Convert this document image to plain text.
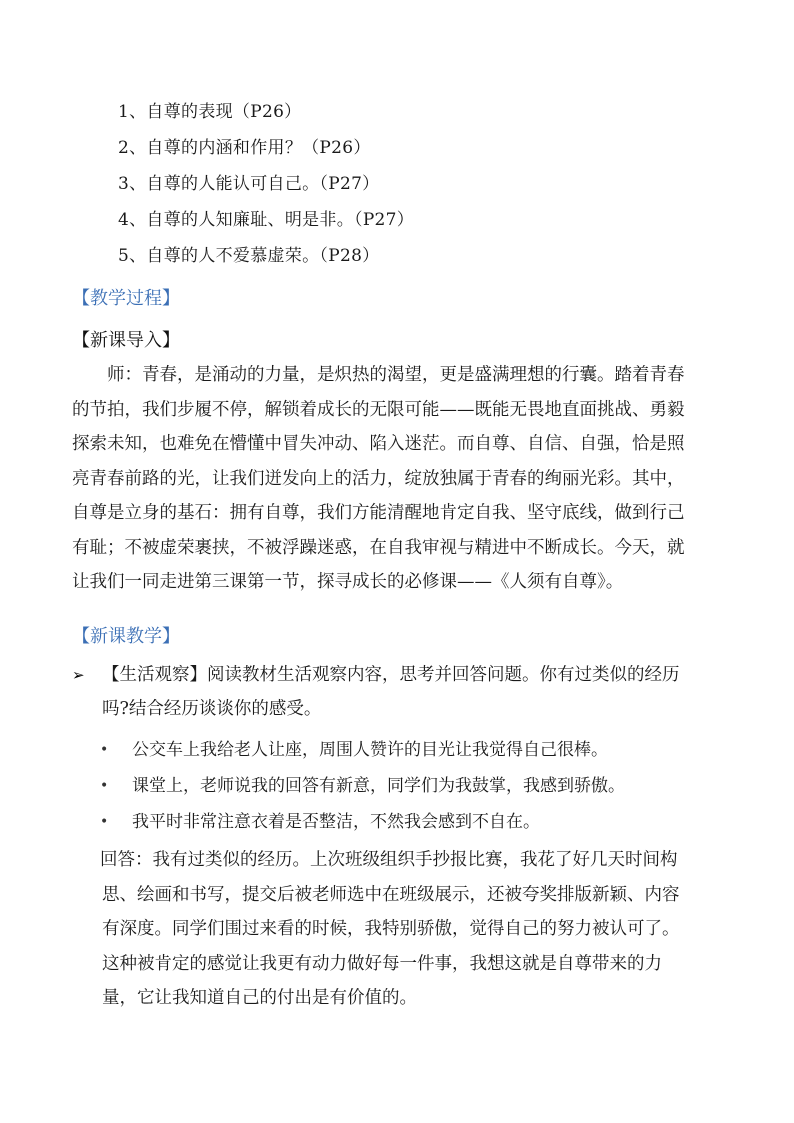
1、自尊的表现（P26）
2、自尊的内涵和作用？（P26）
3、自尊的人能认可自己。（P27）
4、自尊的人知廉耻、明是非。（P27）
5、自尊的人不爱慕虚荣。（P28）
【教学过程】
【新课导入】
　　师：青春，是涌动的力量，是炽热的渴望，更是盛满理想的行囊。踏着青春
的节拍，我们步履不停，解锁着成长的无限可能——既能无畏地直面挑战、勇毅
探索未知，也难免在懵懂中冒失冲动、陷入迷茫。而自尊、自信、自强，恰是照
亮青春前路的光，让我们迸发向上的活力，绽放独属于青春的绚丽光彩。其中，
自尊是立身的基石：拥有自尊，我们方能清醒地肯定自我、坚守底线，做到行己
有耻；不被虚荣裹挟，不被浮躁迷惑，在自我审视与精进中不断成长。今天，就
让我们一同走进第三课第一节，探寻成长的必修课——《人须有自尊》。
【新课教学】
➢ 【生活观察】阅读教材生活观察内容，思考并回答问题。你有过类似的经历
吗?结合经历谈谈你的感受。
•	公交车上我给老人让座，周围人赞许的目光让我觉得自己很棒。
•	课堂上，老师说我的回答有新意，同学们为我鼓掌，我感到骄傲。
•	我平时非常注意衣着是否整洁，不然我会感到不自在。
回答：我有过类似的经历。上次班级组织手抄报比赛，我花了好几天时间构
思、绘画和书写，提交后被老师选中在班级展示，还被夸奖排版新颖、内容
有深度。同学们围过来看的时候，我特别骄傲，觉得自己的努力被认可了。
这种被肯定的感觉让我更有动力做好每一件事，我想这就是自尊带来的力
量，它让我知道自己的付出是有价值的。
